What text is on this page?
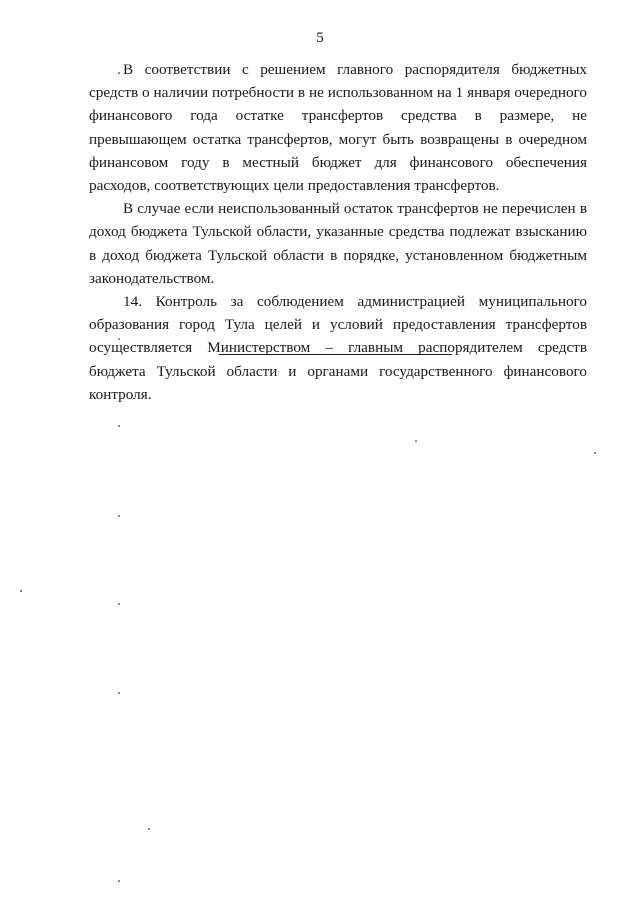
5

В соответствии с решением главного распорядителя бюджетных средств о наличии потребности в не использованном на 1 января очередного финансового года остатке трансфертов средства в размере, не превышающем остатка трансфертов, могут быть возвращены в очередном финансовом году в местный бюджет для финансового обеспечения расходов, соответствующих цели предоставления трансфертов.

В случае если неиспользованный остаток трансфертов не перечислен в доход бюджета Тульской области, указанные средства подлежат взысканию в доход бюджета Тульской области в порядке, установленном бюджетным законодательством.

14. Контроль за соблюдением администрацией муниципального образования город Тула целей и условий предоставления трансфертов осуществляется Министерством – главным распорядителем средств бюджета Тульской области и органами государственного финансового контроля.
